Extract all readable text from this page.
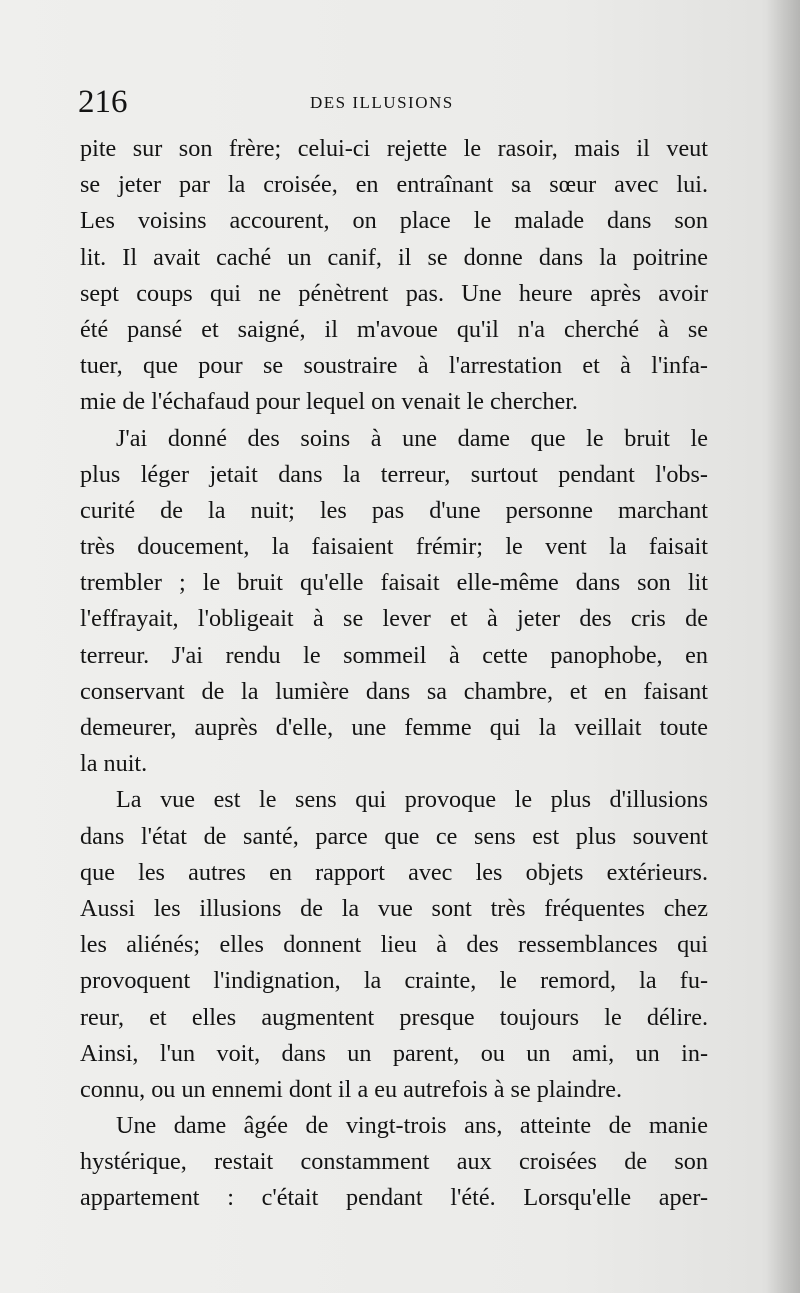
216	DES ILLUSIONS
pite sur son frère; celui-ci rejette le rasoir, mais il veut
se jeter par la croisée, en entraînant sa sœur avec lui.
Les voisins accourent, on place le malade dans son
lit. Il avait caché un canif, il se donne dans la poitrine
sept coups qui ne pénètrent pas. Une heure après avoir
été pansé et saigné, il m'avoue qu'il n'a cherché à se
tuer, que pour se soustraire à l'arrestation et à l'infa-
mie de l'échafaud pour lequel on venait le chercher.
J'ai donné des soins à une dame que le bruit le
plus léger jetait dans la terreur, surtout pendant l'obs-
curité de la nuit; les pas d'une personne marchant
très doucement, la faisaient frémir; le vent la faisait
trembler ; le bruit qu'elle faisait elle-même dans son lit
l'effrayait, l'obligeait à se lever et à jeter des cris de
terreur. J'ai rendu le sommeil à cette panophobe, en
conservant de la lumière dans sa chambre, et en faisant
demeurer, auprès d'elle, une femme qui la veillait toute
la nuit.
La vue est le sens qui provoque le plus d'illusions
dans l'état de santé, parce que ce sens est plus souvent
que les autres en rapport avec les objets extérieurs.
Aussi les illusions de la vue sont très fréquentes chez
les aliénés; elles donnent lieu à des ressemblances qui
provoquent l'indignation, la crainte, le remord, la fu-
reur, et elles augmentent presque toujours le délire.
Ainsi, l'un voit, dans un parent, ou un ami, un in-
connu, ou un ennemi dont il a eu autrefois à se plaindre.
Une dame âgée de vingt-trois ans, atteinte de manie
hystérique, restait constamment aux croisées de son
appartement : c'était pendant l'été. Lorsqu'elle aper-
